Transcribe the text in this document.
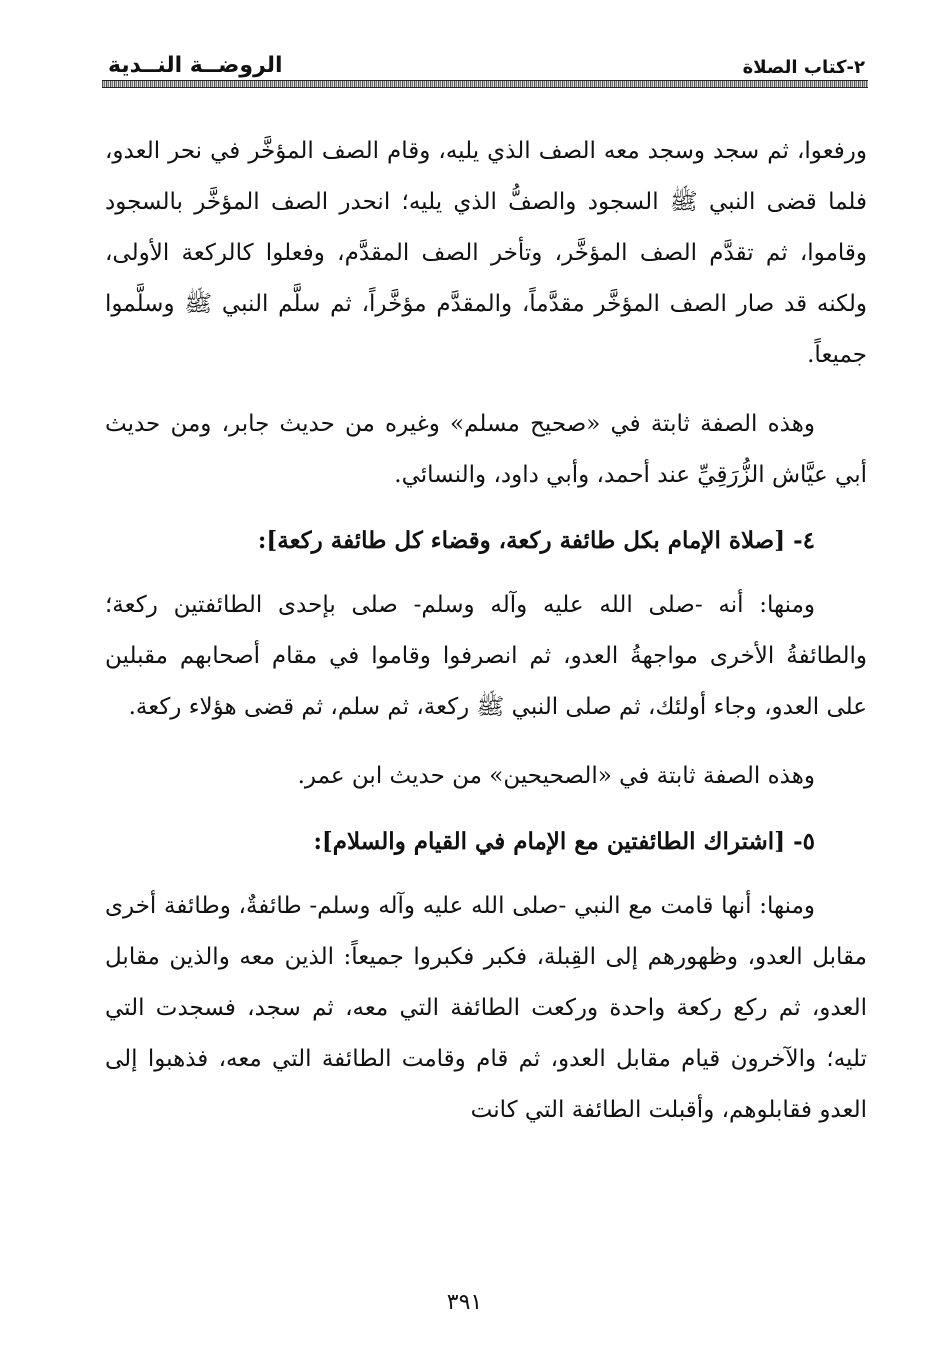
الروضــة النــدية	٢-كتاب الصلاة

ورفعوا، ثم سجد وسجد معه الصف الذي يليه، وقام الصف المؤخَّر في نحر العدو، فلما قضى النبي ﷺ السجود والصفُّ الذي يليه؛ انحدر الصف المؤخَّر بالسجود وقاموا، ثم تقدَّم الصف المؤخَّر، وتأخر الصف المقدَّم، وفعلوا كالركعة الأولى، ولكنه قد صار الصف المؤخَّر مقدَّماً، والمقدَّم مؤخَّراً، ثم سلَّم النبي ﷺ وسلَّموا جميعاً.

وهذه الصفة ثابتة في «صحيح مسلم» وغيره من حديث جابر، ومن حديث أبي عيَّاش الزُّرَقِيِّ عند أحمد، وأبي داود، والنسائي.

٤- [صلاة الإمام بكل طائفة ركعة، وقضاء كل طائفة ركعة]:

ومنها: أنه -صلى الله عليه وآله وسلم- صلى بإحدى الطائفتين ركعة؛ والطائفةُ الأخرى مواجهةُ العدو، ثم انصرفوا وقاموا في مقام أصحابهم مقبلين على العدو، وجاء أولئك، ثم صلى النبي ﷺ ركعة، ثم سلم، ثم قضى هؤلاء ركعة.

وهذه الصفة ثابتة في «الصحيحين» من حديث ابن عمر.

٥- [اشتراك الطائفتين مع الإمام في القيام والسلام]:

ومنها: أنها قامت مع النبي -صلى الله عليه وآله وسلم- طائفةٌ، وطائفة أخرى مقابل العدو، وظهورهم إلى القِبلة، فكبر فكبروا جميعاً: الذين معه والذين مقابل العدو، ثم ركع ركعة واحدة وركعت الطائفة التي معه، ثم سجد، فسجدت التي تليه؛ والآخرون قيام مقابل العدو، ثم قام وقامت الطائفة التي معه، فذهبوا إلى العدو فقابلوهم، وأقبلت الطائفة التي كانت

٣٩١
